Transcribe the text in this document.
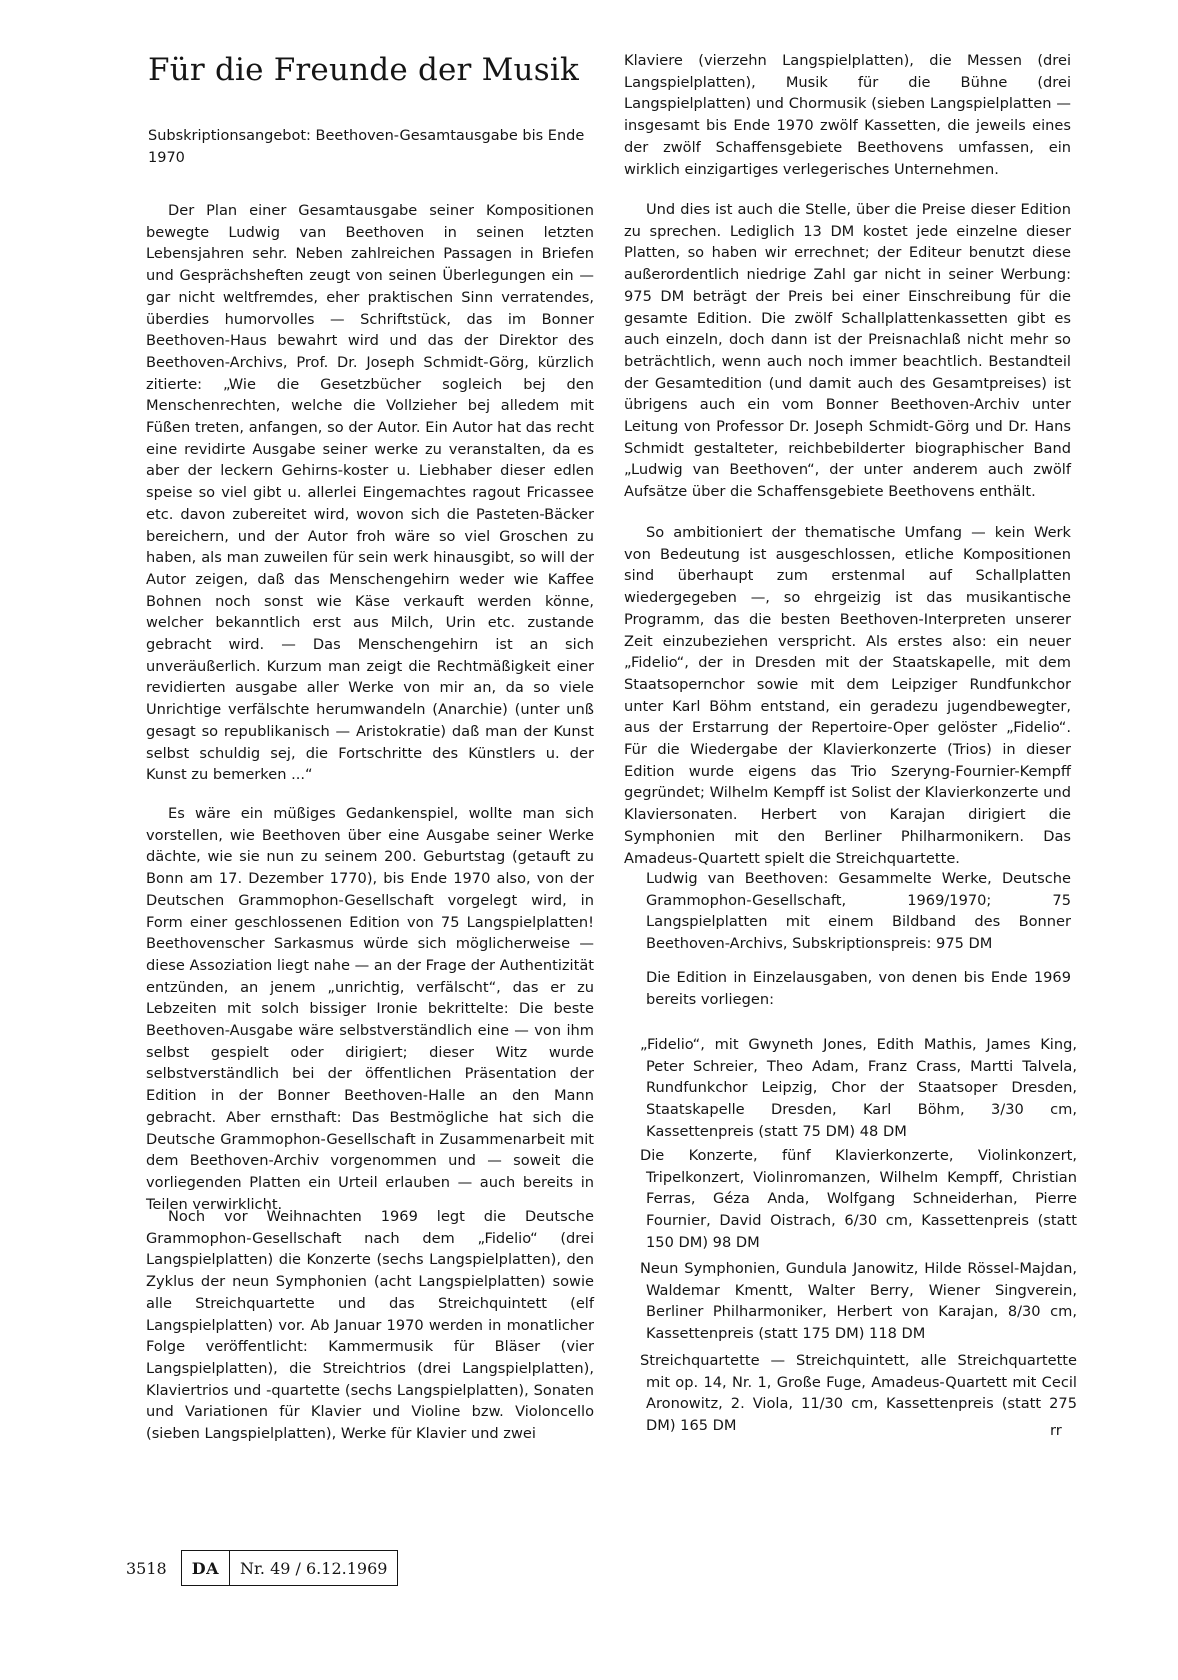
Für die Freunde der Musik
Subskriptionsangebot: Beethoven-Gesamtausgabe bis Ende 1970

Der Plan einer Gesamtausgabe seiner Kompositionen bewegte Ludwig van Beethoven in seinen letzten Lebensjahren sehr. Neben zahlreichen Passagen in Briefen und Gesprächsheften zeugt von seinen Überlegungen ein — gar nicht weltfremdes, eher praktischen Sinn verratendes, überdies humorvolles — Schriftstück, das im Bonner Beethoven-Haus bewahrt wird und das der Direktor des Beethoven-Archivs, Prof. Dr. Joseph Schmidt-Görg, kürzlich zitierte: „Wie die Gesetzbücher sogleich bej den Menschenrechten, welche die Vollzieher bej alledem mit Füßen treten, anfangen, so der Autor. Ein Autor hat das recht eine revidirte Ausgabe seiner werke zu veranstalten, da es aber der leckern Gehirns-koster u. Liebhaber dieser edlen speise so viel gibt u. allerlei Eingemachtes ragout Fricassee etc. davon zubereitet wird, wovon sich die Pasteten-Bäcker bereichern, und der Autor froh wäre so viel Groschen zu haben, als man zuweilen für sein werk hinausgibt, so will der Autor zeigen, daß das Menschengehirn weder wie Kaffee Bohnen noch sonst wie Käse verkauft werden könne, welcher bekanntlich erst aus Milch, Urin etc. zustande gebracht wird. — Das Menschengehirn ist an sich unveräußerlich. Kurzum man zeigt die Rechtmäßigkeit einer revidierten ausgabe aller Werke von mir an, da so viele Unrichtige verfälschte herumwandeln (Anarchie) (unter unß gesagt so republikanisch — Aristokratie) daß man der Kunst selbst schuldig sej, die Fortschritte des Künstlers u. der Kunst zu bemerken ...“

Es wäre ein müßiges Gedankenspiel, wollte man sich vorstellen, wie Beethoven über eine Ausgabe seiner Werke dächte, wie sie nun zu seinem 200. Geburtstag (getauft zu Bonn am 17. Dezember 1770), bis Ende 1970 also, von der Deutschen Grammophon-Gesellschaft vorgelegt wird, in Form einer geschlossenen Edition von 75 Langspielplatten! Beethovenscher Sarkasmus würde sich möglicherweise — diese Assoziation liegt nahe — an der Frage der Authentizität entzünden, an jenem „unrichtig, verfälscht“, das er zu Lebzeiten mit solch bissiger Ironie bekrittelte: Die beste Beethoven-Ausgabe wäre selbstverständlich eine — von ihm selbst gespielt oder dirigiert; dieser Witz wurde selbstverständlich bei der öffentlichen Präsentation der Edition in der Bonner Beethoven-Halle an den Mann gebracht. Aber ernsthaft: Das Bestmögliche hat sich die Deutsche Grammophon-Gesellschaft in Zusammenarbeit mit dem Beethoven-Archiv vorgenommen und — soweit die vorliegenden Platten ein Urteil erlauben — auch bereits in Teilen verwirklicht.

Noch vor Weihnachten 1969 legt die Deutsche Grammophon-Gesellschaft nach dem „Fidelio“ (drei Langspielplatten) die Konzerte (sechs Langspielplatten), den Zyklus der neun Symphonien (acht Langspielplatten) sowie alle Streichquartette und das Streichquintett (elf Langspielplatten) vor. Ab Januar 1970 werden in monatlicher Folge veröffentlicht: Kammermusik für Bläser (vier Langspielplatten), die Streichtrios (drei Langspielplatten), Klaviertrios und -quartette (sechs Langspielplatten), Sonaten und Variationen für Klavier und Violine bzw. Violoncello (sieben Langspielplatten), Werke für Klavier und zwei

Klaviere (vierzehn Langspielplatten), die Messen (drei Langspielplatten), Musik für die Bühne (drei Langspielplatten) und Chormusik (sieben Langspielplatten — insgesamt bis Ende 1970 zwölf Kassetten, die jeweils eines der zwölf Schaffensgebiete Beethovens umfassen, ein wirklich einzigartiges verlegerisches Unternehmen.

Und dies ist auch die Stelle, über die Preise dieser Edition zu sprechen. Lediglich 13 DM kostet jede einzelne dieser Platten, so haben wir errechnet; der Editeur benutzt diese außerordentlich niedrige Zahl gar nicht in seiner Werbung: 975 DM beträgt der Preis bei einer Einschreibung für die gesamte Edition. Die zwölf Schallplattenkassetten gibt es auch einzeln, doch dann ist der Preisnachlaß nicht mehr so beträchtlich, wenn auch noch immer beachtlich. Bestandteil der Gesamtedition (und damit auch des Gesamtpreises) ist übrigens auch ein vom Bonner Beethoven-Archiv unter Leitung von Professor Dr. Joseph Schmidt-Görg und Dr. Hans Schmidt gestalteter, reichbebilderter biographischer Band „Ludwig van Beethoven“, der unter anderem auch zwölf Aufsätze über die Schaffensgebiete Beethovens enthält.

So ambitioniert der thematische Umfang — kein Werk von Bedeutung ist ausgeschlossen, etliche Kompositionen sind überhaupt zum erstenmal auf Schallplatten wiedergegeben —, so ehrgeizig ist das musikantische Programm, das die besten Beethoven-Interpreten unserer Zeit einzubeziehen verspricht. Als erstes also: ein neuer „Fidelio“, der in Dresden mit der Staatskapelle, mit dem Staatsopernchor sowie mit dem Leipziger Rundfunkchor unter Karl Böhm entstand, ein geradezu jugendbewegter, aus der Erstarrung der Repertoire-Oper gelöster „Fidelio“. Für die Wiedergabe der Klavierkonzerte (Trios) in dieser Edition wurde eigens das Trio Szeryng-Fournier-Kempff gegründet; Wilhelm Kempff ist Solist der Klavierkonzerte und Klaviersonaten. Herbert von Karajan dirigiert die Symphonien mit den Berliner Philharmonikern. Das Amadeus-Quartett spielt die Streichquartette.

Ludwig van Beethoven: Gesammelte Werke, Deutsche Grammophon-Gesellschaft, 1969/1970; 75 Langspielplatten mit einem Bildband des Bonner Beethoven-Archivs, Subskriptionspreis: 975 DM

Die Edition in Einzelausgaben, von denen bis Ende 1969 bereits vorliegen:

„Fidelio“, mit Gwyneth Jones, Edith Mathis, James King, Peter Schreier, Theo Adam, Franz Crass, Martti Talvela, Rundfunkchor Leipzig, Chor der Staatsoper Dresden, Staatskapelle Dresden, Karl Böhm, 3/30 cm, Kassettenpreis (statt 75 DM) 48 DM

Die Konzerte, fünf Klavierkonzerte, Violinkonzert, Tripelkonzert, Violinromanzen, Wilhelm Kempff, Christian Ferras, Géza Anda, Wolfgang Schneiderhan, Pierre Fournier, David Oistrach, 6/30 cm, Kassettenpreis (statt 150 DM) 98 DM

Neun Symphonien, Gundula Janowitz, Hilde Rössel-Majdan, Waldemar Kmentt, Walter Berry, Wiener Singverein, Berliner Philharmoniker, Herbert von Karajan, 8/30 cm, Kassettenpreis (statt 175 DM) 118 DM

Streichquartette — Streichquintett, alle Streichquartette mit op. 14, Nr. 1, Große Fuge, Amadeus-Quartett mit Cecil Aronowitz, 2. Viola, 11/30 cm, Kassettenpreis (statt 275 DM) 165 DM	rr
3518	DA	Nr. 49 / 6.12.1969
